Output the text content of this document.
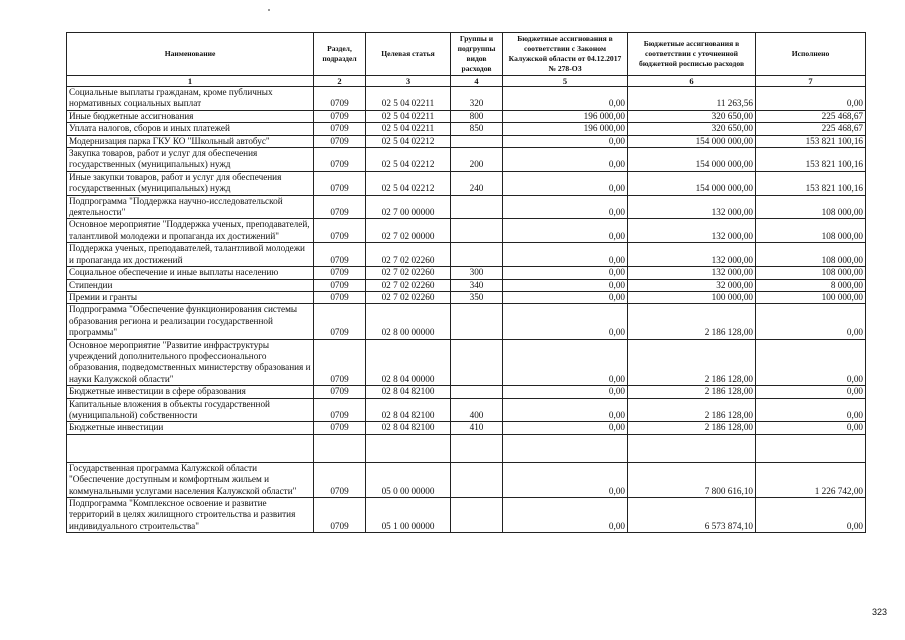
Наименование	Раздел, подраздел	Целевая статья	Группы и подгруппы видов расходов	Бюджетные ассигнования в соответствии с Законом Калужской области от 04.12.2017 № 278-ОЗ	Бюджетные ассигнования в соответствии с уточненной бюджетной росписью расходов	Исполнено
1	2	3	4	5	6	7
Социальные выплаты гражданам, кроме публичных нормативных социальных выплат	0709	02 5 04 02211	320	0,00	11 263,56	0,00
Иные бюджетные ассигнования	0709	02 5 04 02211	800	196 000,00	320 650,00	225 468,67
Уплата налогов, сборов и иных платежей	0709	02 5 04 02211	850	196 000,00	320 650,00	225 468,67
Модернизация парка ГКУ КО "Школьный автобус"	0709	02 5 04 02212		0,00	154 000 000,00	153 821 100,16
Закупка товаров, работ и услуг для обеспечения государственных (муниципальных) нужд	0709	02 5 04 02212	200	0,00	154 000 000,00	153 821 100,16
Иные закупки товаров, работ и услуг для обеспечения государственных (муниципальных) нужд	0709	02 5 04 02212	240	0,00	154 000 000,00	153 821 100,16
Подпрограмма "Поддержка научно-исследовательской деятельности"	0709	02 7 00 00000		0,00	132 000,00	108 000,00
Основное мероприятие "Поддержка ученых, преподавателей, талантливой молодежи и пропаганда их достижений"	0709	02 7 02 00000		0,00	132 000,00	108 000,00
Поддержка ученых, преподавателей, талантливой молодежи и пропаганда их достижений	0709	02 7 02 02260		0,00	132 000,00	108 000,00
Социальное обеспечение и иные выплаты населению	0709	02 7 02 02260	300	0,00	132 000,00	108 000,00
Стипендии	0709	02 7 02 02260	340	0,00	32 000,00	8 000,00
Премии и гранты	0709	02 7 02 02260	350	0,00	100 000,00	100 000,00
Подпрограмма "Обеспечение функционирования системы образования региона и реализации государственной программы"	0709	02 8 00 00000		0,00	2 186 128,00	0,00
Основное мероприятие "Развитие инфраструктуры учреждений дополнительного профессионального образования, подведомственных министерству образования и науки Калужской области"	0709	02 8 04 00000		0,00	2 186 128,00	0,00
Бюджетные инвестиции в сфере образования	0709	02 8 04 82100		0,00	2 186 128,00	0,00
Капитальные вложения в объекты государственной (муниципальной) собственности	0709	02 8 04 82100	400	0,00	2 186 128,00	0,00
Бюджетные инвестиции	0709	02 8 04 82100	410	0,00	2 186 128,00	0,00

Государственная программа Калужской области "Обеспечение доступным и комфортным жильем и коммунальными услугами населения Калужской области"	0709	05 0 00 00000		0,00	7 800 616,10	1 226 742,00
Подпрограмма "Комплексное освоение и развитие территорий в целях жилищного строительства и развития индивидуального строительства"	0709	05 1 00 00000		0,00	6 573 874,10	0,00
323
